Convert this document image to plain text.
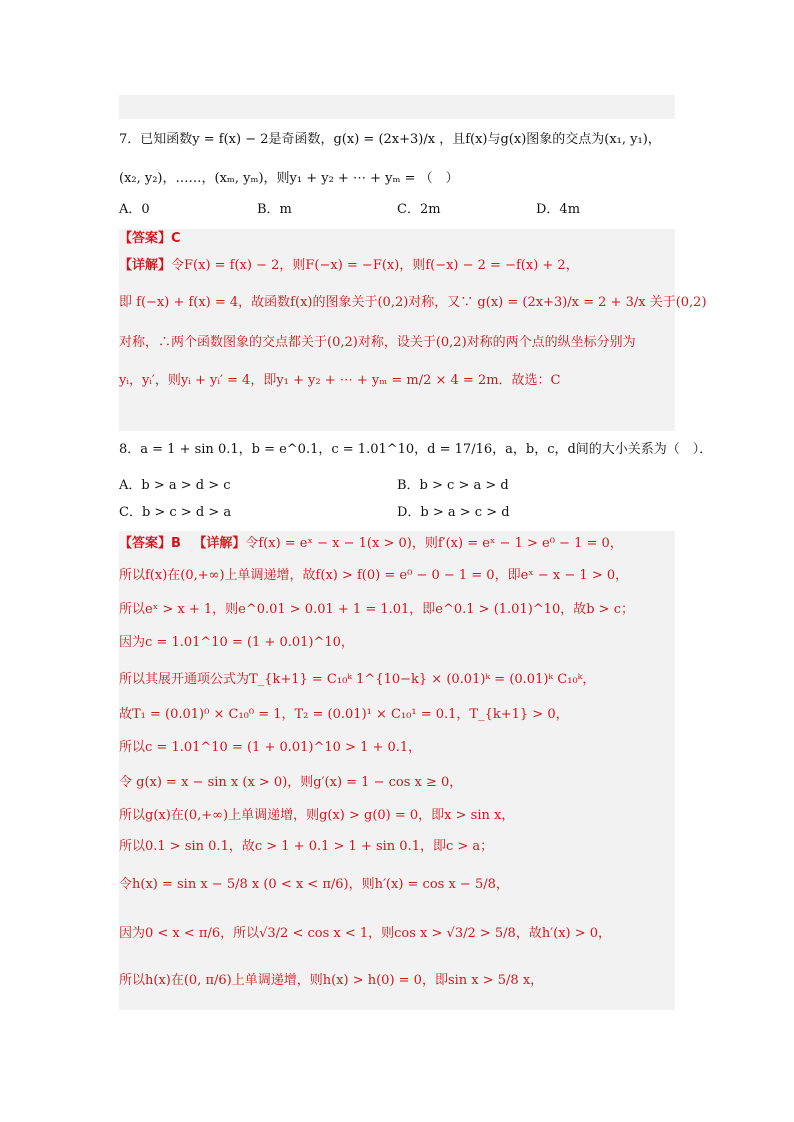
7．已知函数y = f(x) − 2是奇函数，g(x) = (2x+3)/x ，且f(x)与g(x)图象的交点为(x₁, y₁)，
(x₂, y₂)，……，(xₘ, yₘ)，则y₁ + y₂ + ⋯ + yₘ = （　）
A．0	B．m	C．2m	D．4m
【答案】C
【详解】令F(x) = f(x) − 2，则F(−x) = −F(x)，则f(−x) − 2 = −f(x) + 2，
即 f(−x) + f(x) = 4，故函数f(x)的图象关于(0,2)对称，又∵ g(x) = (2x+3)/x = 2 + 3/x 关于(0,2)
对称，∴两个函数图象的交点都关于(0,2)对称，设关于(0,2)对称的两个点的纵坐标分别为
yᵢ，yᵢ′，则yᵢ + yᵢ′ = 4，即y₁ + y₂ + ⋯ + yₘ = m/2 × 4 = 2m．故选：C
8．a = 1 + sin 0.1，b = e^0.1，c = 1.01^10，d = 17/16，a，b，c，d间的大小关系为（　）．
A．b > a > d > c	B．b > c > a > d
C．b > c > d > a	D．b > a > c > d
【答案】B 【详解】令f(x) = eˣ − x − 1(x > 0)，则f′(x) = eˣ − 1 > e⁰ − 1 = 0，
所以f(x)在(0,+∞)上单调递增，故f(x) > f(0) = e⁰ − 0 − 1 = 0，即eˣ − x − 1 > 0，
所以eˣ > x + 1，则e^0.01 > 0.01 + 1 = 1.01，即e^0.1 > (1.01)^10，故b > c；
因为c = 1.01^10 = (1 + 0.01)^10，
所以其展开通项公式为T_{k+1} = C₁₀ᵏ 1^{10−k} × (0.01)ᵏ = (0.01)ᵏ C₁₀ᵏ，
故T₁ = (0.01)⁰ × C₁₀⁰ = 1，T₂ = (0.01)¹ × C₁₀¹ = 0.1，T_{k+1} > 0，
所以c = 1.01^10 = (1 + 0.01)^10 > 1 + 0.1，
令 g(x) = x − sin x (x > 0)，则g′(x) = 1 − cos x ≥ 0，
所以g(x)在(0,+∞)上单调递增，则g(x) > g(0) = 0，即x > sin x，
所以0.1 > sin 0.1，故c > 1 + 0.1 > 1 + sin 0.1，即c > a；
令h(x) = sin x − 5/8 x (0 < x < π/6)，则h′(x) = cos x − 5/8，
因为0 < x < π/6，所以√3/2 < cos x < 1，则cos x > √3/2 > 5/8，故h′(x) > 0，
所以h(x)在(0, π/6)上单调递增，则h(x) > h(0) = 0，即sin x > 5/8 x，
